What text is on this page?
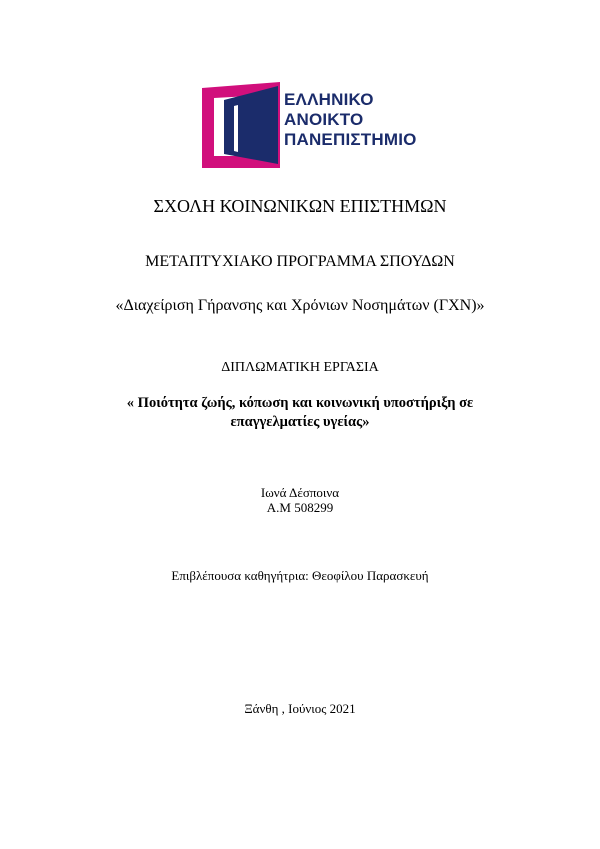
ΕΛΛΗΝΙΚΟ
ΑΝΟΙΚΤΟ
ΠΑΝΕΠΙΣΤΗΜΙΟ
ΣΧΟΛΗ ΚΟΙΝΩΝΙΚΩΝ ΕΠΙΣΤΗΜΩΝ
ΜΕΤΑΠΤΥΧΙΑΚΟ ΠΡΟΓΡΑΜΜΑ ΣΠΟΥΔΩΝ
«Διαχείριση Γήρανσης και Χρόνιων Νοσημάτων (ΓΧΝ)»
ΔΙΠΛΩΜΑΤΙΚΗ ΕΡΓΑΣΙΑ
« Ποιότητα ζωής, κόπωση και κοινωνική υποστήριξη σε επαγγελματίες υγείας»
Ιωνά Δέσποινα
Α.Μ 508299
Επιβλέπουσα καθηγήτρια: Θεοφίλου Παρασκευή
Ξάνθη , Ιούνιος 2021
